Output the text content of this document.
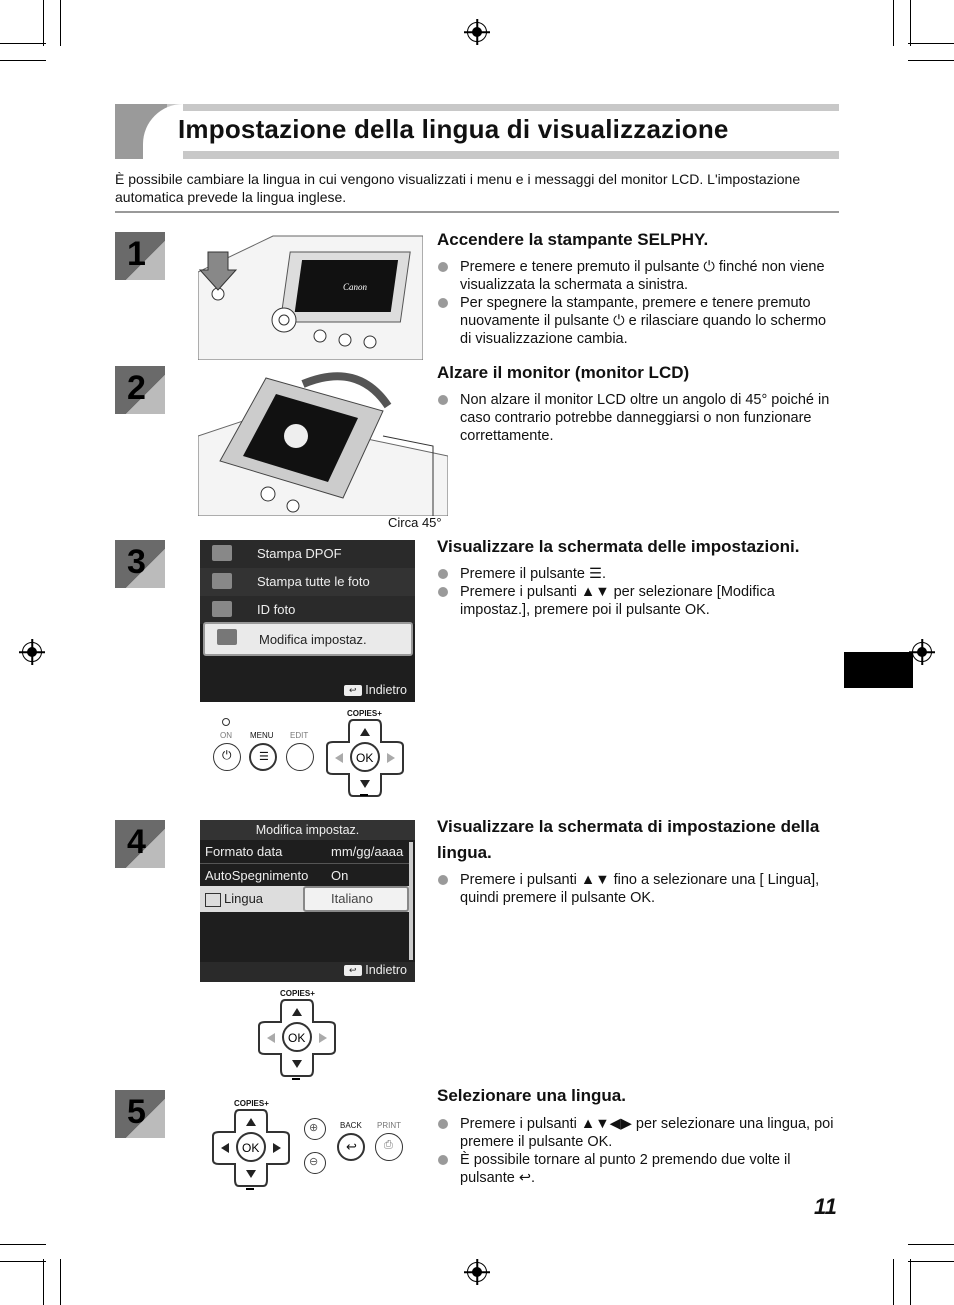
Impostazione della lingua di visualizzazione
È possibile cambiare la lingua in cui vengono visualizzati i menu e i messaggi del monitor LCD. L'impostazione automatica prevede la lingua inglese.
1
Canon
Accendere la stampante SELPHY.
Premere e tenere premuto il pulsante ⏻ finché non viene visualizzata la schermata a sinistra.
Per spegnere la stampante, premere e tenere premuto nuovamente il pulsante ⏻ e rilasciare quando lo schermo di visualizzazione cambia.
2
Circa 45°
Alzare il monitor (monitor LCD)
Non alzare il monitor LCD oltre un angolo di 45° poiché in caso contrario potrebbe danneggiarsi o non funzionare correttamente.
3	Stampa DPOF
Stampa tutte le foto
ID foto
Modifica impostaz.
↩ Indietro
ON MENU EDIT
⏻	☰
COPIES+
OK
Visualizzare la schermata delle impostazioni.
Premere il pulsante ☰.
Premere i pulsanti ▲▼ per selezionare [Modifica impostaz.], premere poi il pulsante OK.
4	Modifica impostaz.
Formato data	mm/gg/aaaa
AutoSpegnimento On
Lingua	Italiano
↩ Indietro
COPIES+
OK
Visualizzare la schermata di impostazione della lingua.
Premere i pulsanti ▲▼ fino a selezionare una [ Lingua], quindi premere il pulsante OK.
5	COPIES+
OK
⊕
⊖
BACK PRINT
↩ ⎙
Selezionare una lingua.
Premere i pulsanti ▲▼◀▶ per selezionare una lingua, poi premere il pulsante OK.
È possibile tornare al punto 2 premendo due volte il pulsante ↩.
11
